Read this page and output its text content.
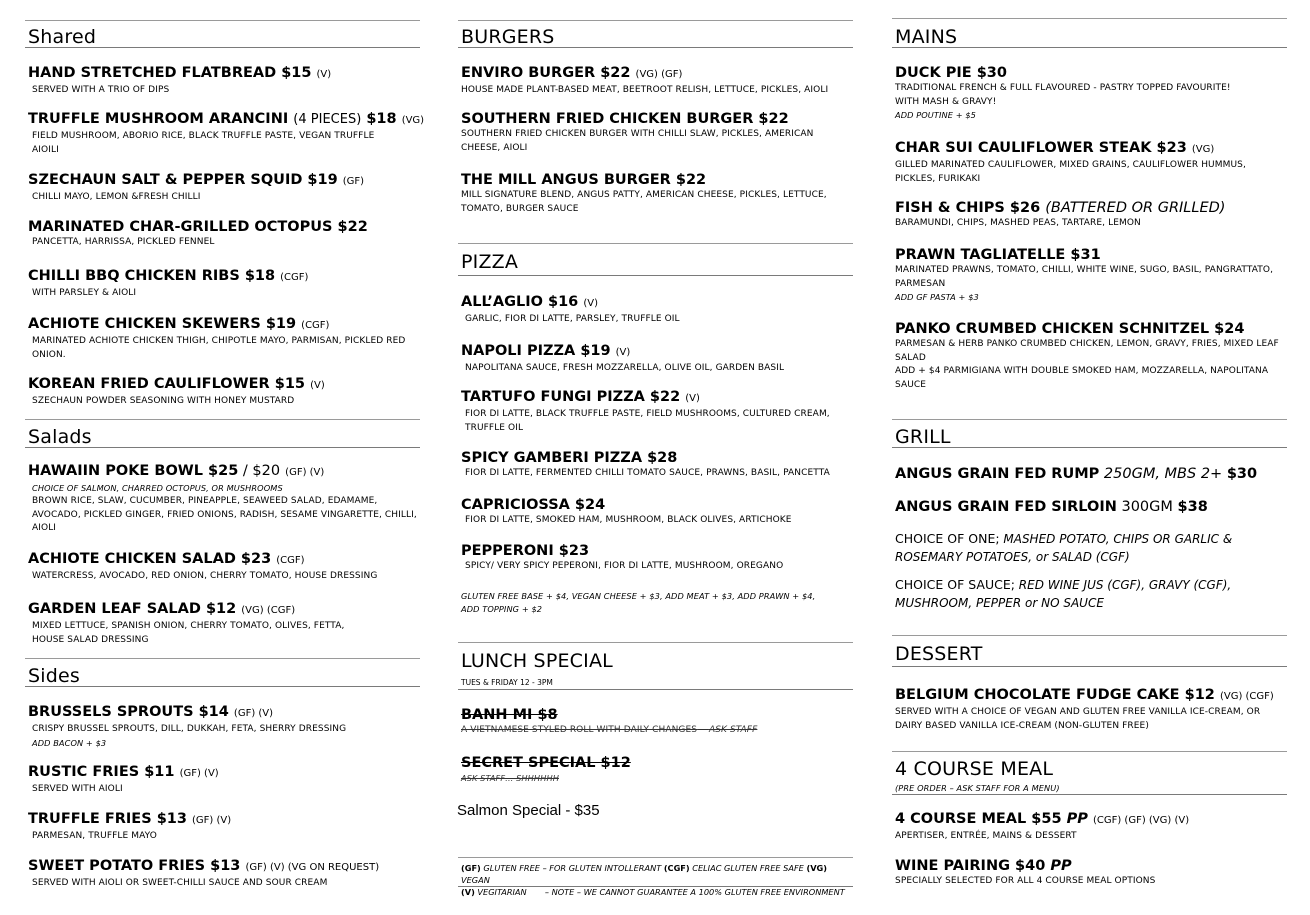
Shared
HAND STRETCHED FLATBREAD $15 (V)
SERVED WITH A TRIO OF DIPS
TRUFFLE MUSHROOM ARANCINI (4 PIECES) $18 (VG)
FIELD MUSHROOM, ABORIO RICE, BLACK TRUFFLE PASTE, VEGAN TRUFFLE AIOILI
SZECHAUN SALT & PEPPER SQUID $19 (GF)
CHILLI MAYO, LEMON &FRESH CHILLI
MARINATED CHAR-GRILLED OCTOPUS $22
PANCETTA, HARRISSA, PICKLED FENNEL
CHILLI BBQ CHICKEN RIBS $18 (CGF)
WITH PARSLEY & AIOLI
ACHIOTE CHICKEN SKEWERS $19 (CGF)
MARINATED ACHIOTE CHICKEN THIGH, CHIPOTLE MAYO, PARMISAN, PICKLED RED ONION.
KOREAN FRIED CAULIFLOWER $15 (V)
SZECHAUN POWDER SEASONING WITH HONEY MUSTARD
Salads
HAWAIIN POKE BOWL $25 / $20 (GF) (V)
CHOICE OF SALMON, CHARRED OCTOPUS, OR MUSHROOMS
BROWN RICE, SLAW, CUCUMBER, PINEAPPLE, SEAWEED SALAD, EDAMAME, AVOCADO, PICKLED GINGER, FRIED ONIONS, RADISH, SESAME VINGARETTE, CHILLI, AIOLI
ACHIOTE CHICKEN SALAD $23 (CGF)
WATERCRESS, AVOCADO, RED ONION, CHERRY TOMATO, HOUSE DRESSING
GARDEN LEAF SALAD $12 (VG) (CGF)
MIXED LETTUCE, SPANISH ONION, CHERRY TOMATO, OLIVES, FETTA, HOUSE SALAD DRESSING
Sides
BRUSSELS SPROUTS $14 (GF) (V)
CRISPY BRUSSEL SPROUTS, DILL, DUKKAH, FETA, SHERRY DRESSING
ADD BACON + $3
RUSTIC FRIES $11 (GF) (V)
SERVED WITH AIOLI
TRUFFLE FRIES $13 (GF) (V)
PARMESAN, TRUFFLE MAYO
SWEET POTATO FRIES $13 (GF) (V) (VG ON REQUEST)
SERVED WITH AIOLI OR SWEET-CHILLI SAUCE AND SOUR CREAM
BURGERS
ENVIRO BURGER $22 (VG) (GF)
HOUSE MADE PLANT-BASED MEAT, BEETROOT RELISH, LETTUCE, PICKLES, AIOLI
SOUTHERN FRIED CHICKEN BURGER $22
SOUTHERN FRIED CHICKEN BURGER WITH CHILLI SLAW, PICKLES, AMERICAN CHEESE, AIOLI
THE MILL ANGUS BURGER $22
MILL SIGNATURE BLEND, ANGUS PATTY, AMERICAN CHEESE, PICKLES, LETTUCE, TOMATO, BURGER SAUCE
PIZZA
ALL’AGLIO $16 (V)
GARLIC, FIOR DI LATTE, PARSLEY, TRUFFLE OIL
NAPOLI PIZZA $19 (V)
NAPOLITANA SAUCE, FRESH MOZZARELLA, OLIVE OIL, GARDEN BASIL
TARTUFO FUNGI PIZZA $22 (V)
FIOR DI LATTE, BLACK TRUFFLE PASTE, FIELD MUSHROOMS, CULTURED CREAM, TRUFFLE OIL
SPICY GAMBERI PIZZA $28
FIOR DI LATTE, FERMENTED CHILLI TOMATO SAUCE, PRAWNS, BASIL, PANCETTA
CAPRICIOSSA $24
FIOR DI LATTE, SMOKED HAM, MUSHROOM, BLACK OLIVES, ARTICHOKE
PEPPERONI $23
SPICY/ VERY SPICY PEPERONI, FIOR DI LATTE, MUSHROOM, OREGANO
GLUTEN FREE BASE + $4, VEGAN CHEESE + $3, ADD MEAT + $3, ADD PRAWN + $4, ADD TOPPING + $2
LUNCH SPECIAL
TUES & FRIDAY 12 - 3PM
BANH MI $8
A VIETNAMESE STYLED ROLL WITH DAILY CHANGES ASK STAFF
SECRET SPECIAL $12
ASK STAFF… SHHHHHH
Salmon Special - $35
(GF) GLUTEN FREE – FOR GLUTEN INTOLLERANT (CGF) CELIAC GLUTEN FREE SAFE (VG) VEGAN
(V) VEGITARIAN – NOTE – WE CANNOT GUARANTEE A 100% GLUTEN FREE ENVIRONMENT
MAINS
DUCK PIE $30
TRADITIONAL FRENCH & FULL FLAVOURED - PASTRY TOPPED FAVOURITE! WITH MASH & GRAVY!
ADD POUTINE + $5
CHAR SUI CAULIFLOWER STEAK $23 (VG)
GILLED MARINATED CAULIFLOWER, MIXED GRAINS, CAULIFLOWER HUMMUS, PICKLES, FURIKAKI
FISH & CHIPS $26 (BATTERED OR GRILLED)
BARAMUNDI, CHIPS, MASHED PEAS, TARTARE, LEMON
PRAWN TAGLIATELLE $31
MARINATED PRAWNS, TOMATO, CHILLI, WHITE WINE, SUGO, BASIL, PANGRATTATO, PARMESAN
ADD GF PASTA + $3
PANKO CRUMBED CHICKEN SCHNITZEL $24
PARMESAN & HERB PANKO CRUMBED CHICKEN, LEMON, GRAVY, FRIES, MIXED LEAF SALAD
ADD + $4 PARMIGIANA WITH DOUBLE SMOKED HAM, MOZZARELLA, NAPOLITANA SAUCE
GRILL
ANGUS GRAIN FED RUMP 250GM, MBS 2+ $30
ANGUS GRAIN FED SIRLOIN 300GM $38
CHOICE OF ONE; MASHED POTATO, CHIPS OR GARLIC & ROSEMARY POTATOES, or SALAD (CGF)
CHOICE OF SAUCE; RED WINE JUS (CGF), GRAVY (CGF), MUSHROOM, PEPPER or NO SAUCE
DESSERT
BELGIUM CHOCOLATE FUDGE CAKE $12 (VG) (CGF)
SERVED WITH A CHOICE OF VEGAN AND GLUTEN FREE VANILLA ICE-CREAM, OR DAIRY BASED VANILLA ICE-CREAM (NON-GLUTEN FREE)
4 COURSE MEAL
(PRE ORDER – ASK STAFF FOR A MENU)
4 COURSE MEAL $55 PP (CGF) (GF) (VG) (V)
APERTISER, ENTRÉE, MAINS & DESSERT
WINE PAIRING $40 PP
SPECIALLY SELECTED FOR ALL 4 COURSE MEAL OPTIONS
